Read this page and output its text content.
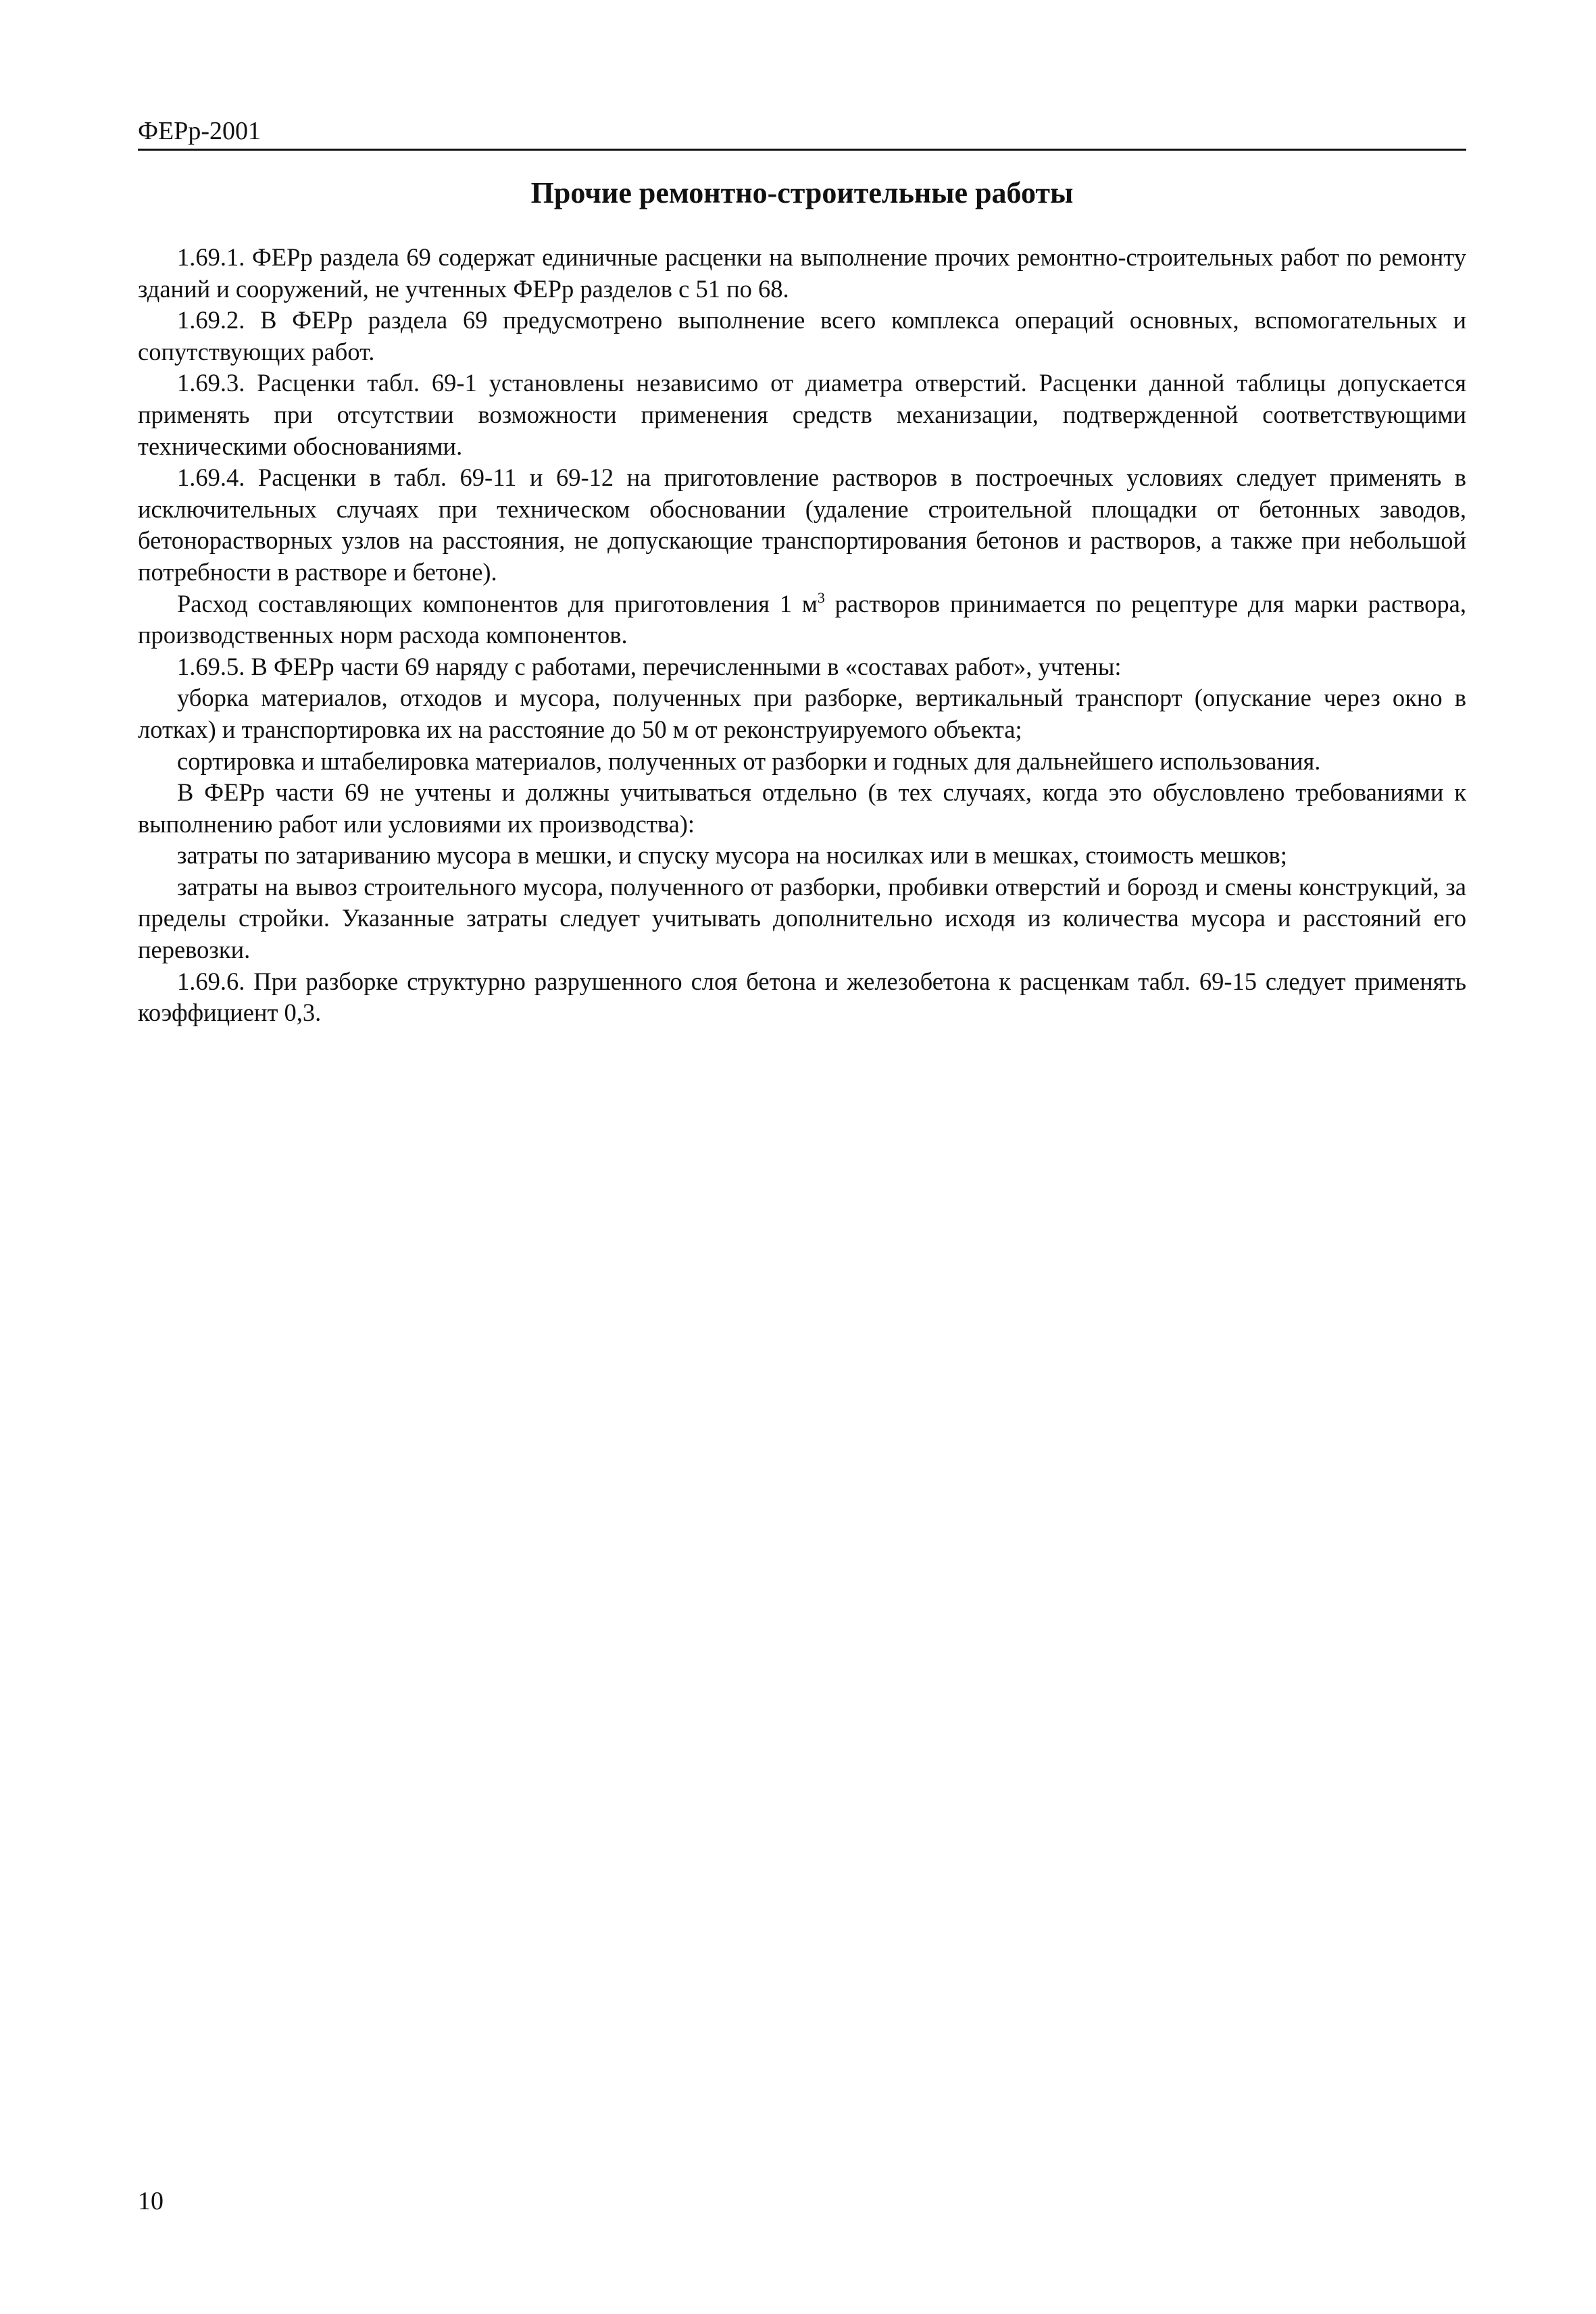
ФЕРр-2001
Прочие ремонтно-строительные работы

1.69.1. ФЕРр раздела 69 содержат единичные расценки на выполнение прочих ремонтно-строительных работ по ремонту зданий и сооружений, не учтенных ФЕРр разделов с 51 по 68.

1.69.2. В ФЕРр раздела 69 предусмотрено выполнение всего комплекса операций основных, вспомогательных и сопутствующих работ.

1.69.3. Расценки табл. 69-1 установлены независимо от диаметра отверстий. Расценки данной таблицы допускается применять при отсутствии возможности применения средств механизации, подтвержденной соответствующими техническими обоснованиями.

1.69.4. Расценки в табл. 69-11 и 69-12 на приготовление растворов в построечных условиях следует применять в исключительных случаях при техническом обосновании (удаление строительной площадки от бетонных заводов, бетонорастворных узлов на расстояния, не допускающие транспортирования бетонов и растворов, а также при небольшой потребности в растворе и бетоне).

Расход составляющих компонентов для приготовления 1 $м^3$ растворов принимается по рецептуре для марки раствора, производственных норм расхода компонентов.

1.69.5. В ФЕРр части 69 наряду с работами, перечисленными в «составах работ», учтены:

уборка материалов, отходов и мусора, полученных при разборке, вертикальный транспорт (опускание через окно в лотках) и транспортировка их на расстояние до 50 м от реконструируемого объекта;

сортировка и штабелировка материалов, полученных от разборки и годных для дальнейшего использования.

В ФЕРр части 69 не учтены и должны учитываться отдельно (в тех случаях, когда это обусловлено требованиями к выполнению работ или условиями их производства):

затраты по затариванию мусора в мешки, и спуску мусора на носилках или в мешках, стоимость мешков;

затраты на вывоз строительного мусора, полученного от разборки, пробивки отверстий и борозд и смены конструкций, за пределы стройки. Указанные затраты следует учитывать дополнительно исходя из количества мусора и расстояний его перевозки.

1.69.6. При разборке структурно разрушенного слоя бетона и железобетона к расценкам табл. 69-15 следует применять коэффициент 0,3.

10
